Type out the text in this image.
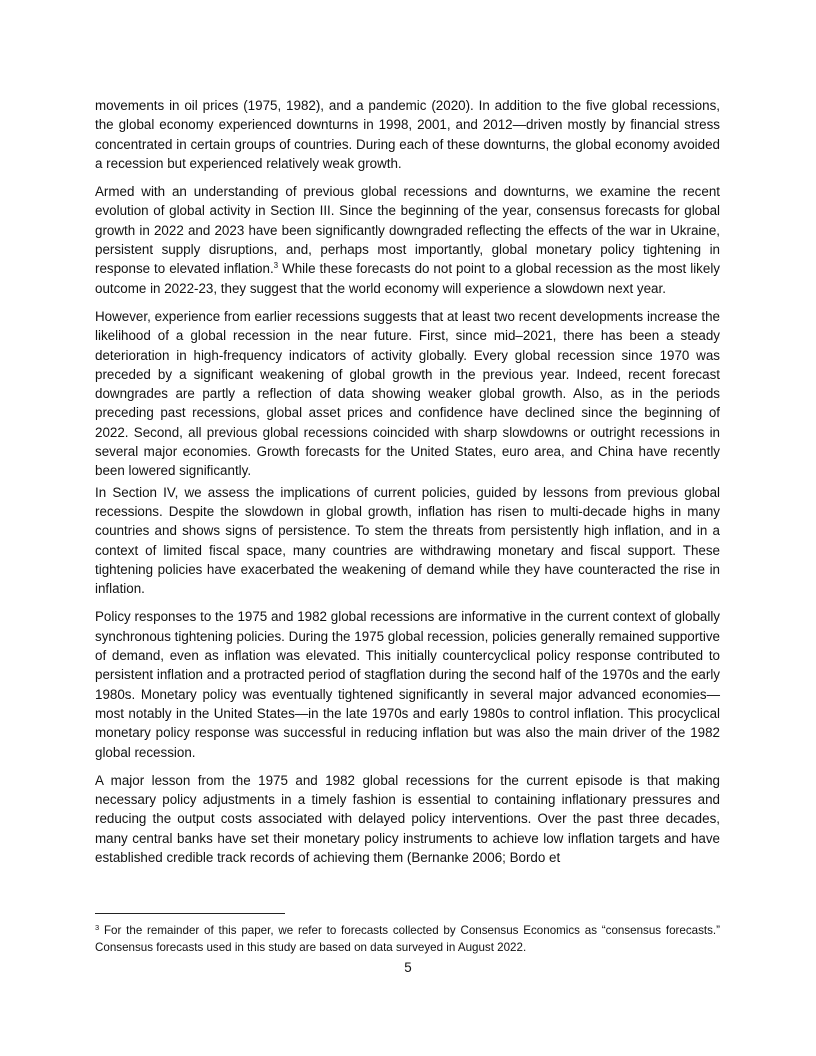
movements in oil prices (1975, 1982), and a pandemic (2020). In addition to the five global recessions, the global economy experienced downturns in 1998, 2001, and 2012—driven mostly by financial stress concentrated in certain groups of countries. During each of these downturns, the global economy avoided a recession but experienced relatively weak growth.

Armed with an understanding of previous global recessions and downturns, we examine the recent evolution of global activity in Section III. Since the beginning of the year, consensus forecasts for global growth in 2022 and 2023 have been significantly downgraded reflecting the effects of the war in Ukraine, persistent supply disruptions, and, perhaps most importantly, global monetary policy tightening in response to elevated inflation.$^3$ While these forecasts do not point to a global recession as the most likely outcome in 2022-23, they suggest that the world economy will experience a slowdown next year.

However, experience from earlier recessions suggests that at least two recent developments increase the likelihood of a global recession in the near future. First, since mid–2021, there has been a steady deterioration in high-frequency indicators of activity globally. Every global recession since 1970 was preceded by a significant weakening of global growth in the previous year. Indeed, recent forecast downgrades are partly a reflection of data showing weaker global growth. Also, as in the periods preceding past recessions, global asset prices and confidence have declined since the beginning of 2022. Second, all previous global recessions coincided with sharp slowdowns or outright recessions in several major economies. Growth forecasts for the United States, euro area, and China have recently been lowered significantly.

In Section IV, we assess the implications of current policies, guided by lessons from previous global recessions. Despite the slowdown in global growth, inflation has risen to multi-decade highs in many countries and shows signs of persistence. To stem the threats from persistently high inflation, and in a context of limited fiscal space, many countries are withdrawing monetary and fiscal support. These tightening policies have exacerbated the weakening of demand while they have counteracted the rise in inflation.

Policy responses to the 1975 and 1982 global recessions are informative in the current context of globally synchronous tightening policies. During the 1975 global recession, policies generally remained supportive of demand, even as inflation was elevated. This initially countercyclical policy response contributed to persistent inflation and a protracted period of stagflation during the second half of the 1970s and the early 1980s. Monetary policy was eventually tightened significantly in several major advanced economies—most notably in the United States—in the late 1970s and early 1980s to control inflation. This procyclical monetary policy response was successful in reducing inflation but was also the main driver of the 1982 global recession.

A major lesson from the 1975 and 1982 global recessions for the current episode is that making necessary policy adjustments in a timely fashion is essential to containing inflationary pressures and reducing the output costs associated with delayed policy interventions. Over the past three decades, many central banks have set their monetary policy instruments to achieve low inflation targets and have established credible track records of achieving them (Bernanke 2006; Bordo et

$^3$ For the remainder of this paper, we refer to forecasts collected by Consensus Economics as “consensus forecasts.” Consensus forecasts used in this study are based on data surveyed in August 2022.

5
